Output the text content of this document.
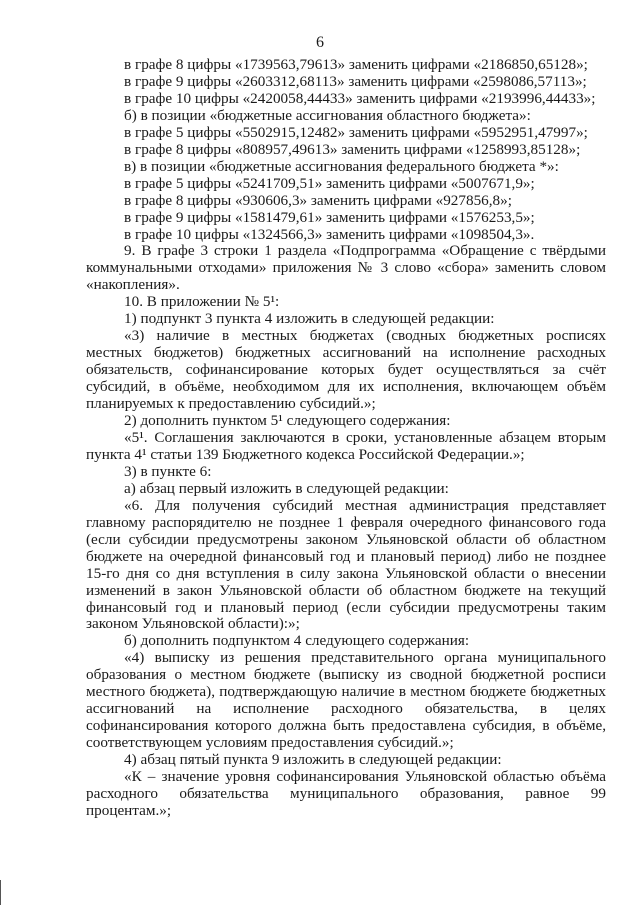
6

в графе 8 цифры «1739563,79613» заменить цифрами «2186850,65128»;

в графе 9 цифры «2603312,68113» заменить цифрами «2598086,57113»;

в графе 10 цифры «2420058,44433» заменить цифрами «2193996,44433»;

б) в позиции «бюджетные ассигнования областного бюджета»:

в графе 5 цифры «5502915,12482» заменить цифрами «5952951,47997»;

в графе 8 цифры «808957,49613» заменить цифрами «1258993,85128»;

в) в позиции «бюджетные ассигнования федерального бюджета *»:

в графе 5 цифры «5241709,51» заменить цифрами «5007671,9»;

в графе 8 цифры «930606,3» заменить цифрами «927856,8»;

в графе 9 цифры «1581479,61» заменить цифрами «1576253,5»;

в графе 10 цифры «1324566,3» заменить цифрами «1098504,3».

9. В графе 3 строки 1 раздела «Подпрограмма «Обращение с твёрдыми коммунальными отходами» приложения № 3 слово «сбора» заменить словом «накопления».

10. В приложении № 5¹:

1) подпункт 3 пункта 4 изложить в следующей редакции:

«3) наличие в местных бюджетах (сводных бюджетных росписях местных бюджетов) бюджетных ассигнований на исполнение расходных обязательств, софинансирование которых будет осуществляться за счёт субсидий, в объёме, необходимом для их исполнения, включающем объём планируемых к предоставлению субсидий.»;

2) дополнить пунктом 5¹ следующего содержания:

«5¹. Соглашения заключаются в сроки, установленные абзацем вторым пункта 4¹ статьи 139 Бюджетного кодекса Российской Федерации.»;

3) в пункте 6:

а) абзац первый изложить в следующей редакции:

«6. Для получения субсидий местная администрация представляет главному распорядителю не позднее 1 февраля очередного финансового года (если субсидии предусмотрены законом Ульяновской области об областном бюджете на очередной финансовый год и плановый период) либо не позднее 15-го дня со дня вступления в силу закона Ульяновской области о внесении изменений в закон Ульяновской области об областном бюджете на текущий финансовый год и плановый период (если субсидии предусмотрены таким законом Ульяновской области):»;

б) дополнить подпунктом 4 следующего содержания:

«4) выписку из решения представительного органа муниципального образования о местном бюджете (выписку из сводной бюджетной росписи местного бюджета), подтверждающую наличие в местном бюджете бюджетных ассигнований на исполнение расходного обязательства, в целях софинансирования которого должна быть предоставлена субсидия, в объёме, соответствующем условиям предоставления субсидий.»;

4) абзац пятый пункта 9 изложить в следующей редакции:

«К – значение уровня софинансирования Ульяновской областью объёма расходного обязательства муниципального образования, равное 99 процентам.»;
